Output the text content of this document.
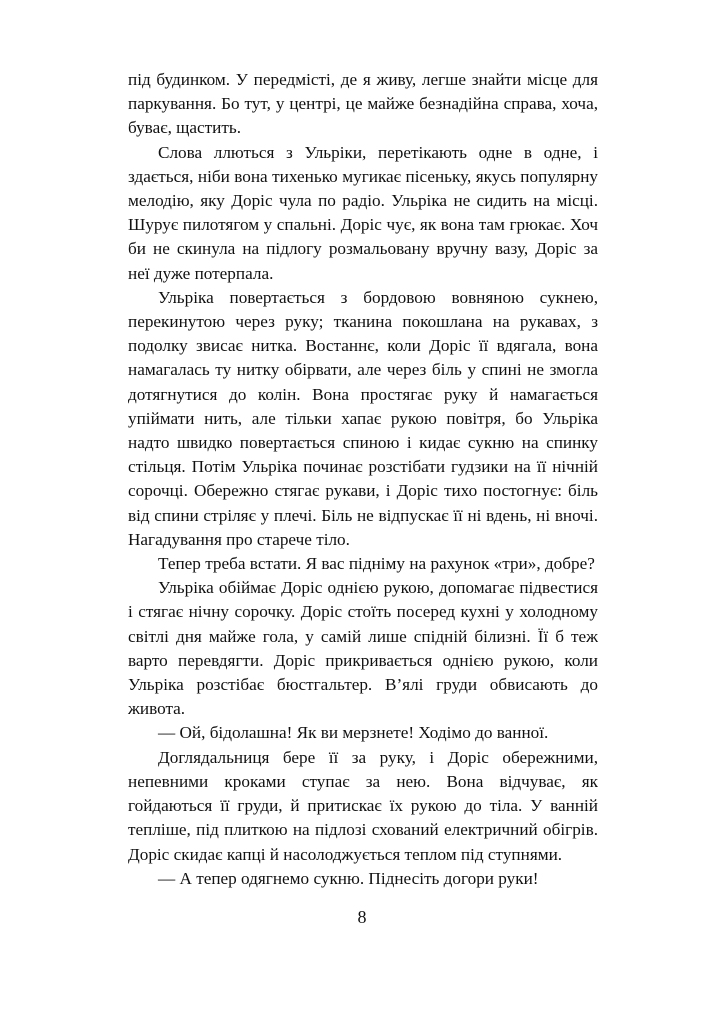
під будинком. У передмісті, де я живу, легше знайти місце для паркування. Бо тут, у центрі, це майже безнадійна справа, хоча, буває, щастить.

Слова ллються з Ульріки, перетікають одне в одне, і здається, ніби вона тихенько мугикає пісеньку, якусь популярну мелодію, яку Доріс чула по радіо. Ульріка не сидить на місці. Шурує пилотягом у спальні. Доріс чує, як вона там грюкає. Хоч би не скинула на підлогу розмальовану вручну вазу, Доріс за неї дуже потерпала.

Ульріка повертається з бордовою вовняною сукнею, перекинутою через руку; тканина покошлана на рукавах, з подолку звисає нитка. Востаннє, коли Доріс її вдягала, вона намагалась ту нитку обірвати, але через біль у спині не змогла дотягнутися до колін. Вона простягає руку й намагається упіймати нить, але тільки хапає рукою повітря, бо Ульріка надто швидко повертається спиною і кидає сукню на спинку стільця. Потім Ульріка починає розстібати гудзики на її нічній сорочці. Обережно стягає рукави, і Доріс тихо постогнує: біль від спини стріляє у плечі. Біль не відпускає її ні вдень, ні вночі. Нагадування про старече тіло.

Тепер треба встати. Я вас підніму на рахунок «три», добре?

Ульріка обіймає Доріс однією рукою, допомагає підвестися і стягає нічну сорочку. Доріс стоїть посеред кухні у холодному світлі дня майже гола, у самій лише спідній білизні. Її б теж варто перевдягти. Доріс прикривається однією рукою, коли Ульріка розстібає бюстгальтер. В’ялі груди обвисають до живота.

— Ой, бідолашна! Як ви мерзнете! Ходімо до ванної.

Доглядальниця бере її за руку, і Доріс обережними, непевними кроками ступає за нею. Вона відчуває, як гойдаються її груди, й притискає їх рукою до тіла. У ванній тепліше, під плиткою на підлозі схований електричний обігрів. Доріс скидає капці й насолоджується теплом під ступнями.

— А тепер одягнемо сукню. Піднесіть догори руки!

8
